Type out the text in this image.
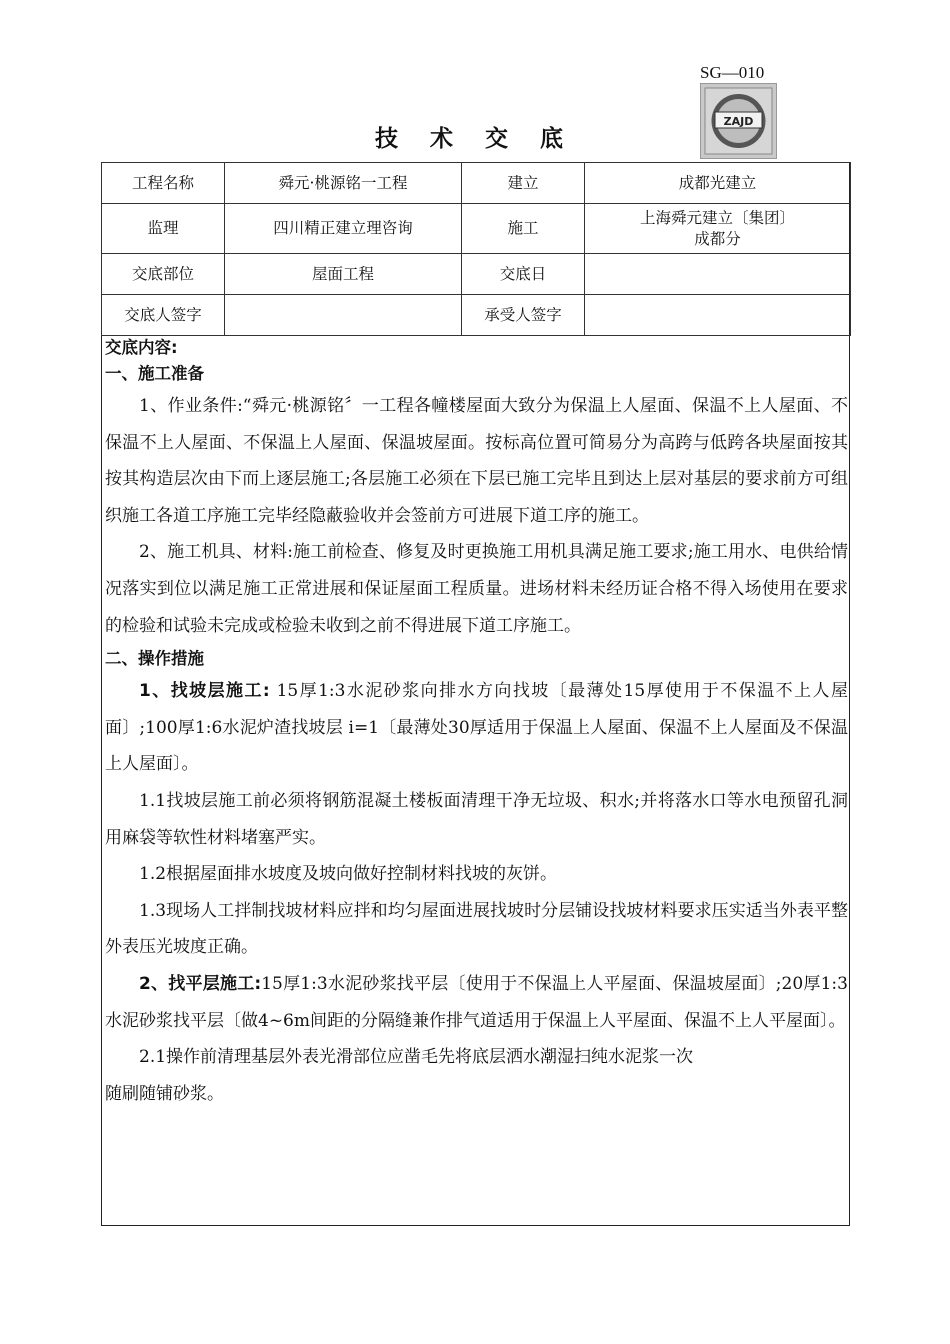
SG—010
ZAJD
技 术 交 底
工程名称	舜元·桃源铭一工程	建立	成都光建立
监理	四川精正建立理咨询	施工	上海舜元建立〔集团〕
成都分

交底部位	屋面工程	交底日	
交底人签字		承受人签字	

交底内容:

一、施工准备

1、作业条件:“舜元·桃源铭〞一工程各幢楼屋面大致分为保温上人屋面、保温不上人屋面、不保温不上人屋面、不保温上人屋面、保温坡屋面。按标高位置可简易分为高跨与低跨各块屋面按其按其构造层次由下而上逐层施工;各层施工必须在下层已施工完毕且到达上层对基层的要求前方可组织施工各道工序施工完毕经隐蔽验收并会签前方可进展下道工序的施工。

2、施工机具、材料:施工前检查、修复及时更换施工用机具满足施工要求;施工用水、电供给情况落实到位以满足施工正常进展和保证屋面工程质量。进场材料未经历证合格不得入场使用在要求的检验和试验未完成或检验未收到之前不得进展下道工序施工。

二、操作措施

1、找坡层施工: 15厚1:3水泥砂浆向排水方向找坡〔最薄处15厚使用于不保温不上人屋面〕;100厚1:6水泥炉渣找坡层 i=1〔最薄处30厚适用于保温上人屋面、保温不上人屋面及不保温上人屋面〕。

1.1找坡层施工前必须将钢筋混凝土楼板面清理干净无垃圾、积水;并将落水口等水电预留孔洞用麻袋等软性材料堵塞严实。

1.2根据屋面排水坡度及坡向做好控制材料找坡的灰饼。

1.3现场人工拌制找坡材料应拌和均匀屋面进展找坡时分层铺设找坡材料要求压实适当外表平整外表压光坡度正确。

2、找平层施工:15厚1:3水泥砂浆找平层〔使用于不保温上人平屋面、保温坡屋面〕;20厚1:3水泥砂浆找平层〔做4~6m间距的分隔缝兼作排气道适用于保温上人平屋面、保温不上人平屋面〕。

2.1操作前清理基层外表光滑部位应凿毛先将底层洒水潮湿扫纯水泥浆一次

随刷随铺砂浆。
